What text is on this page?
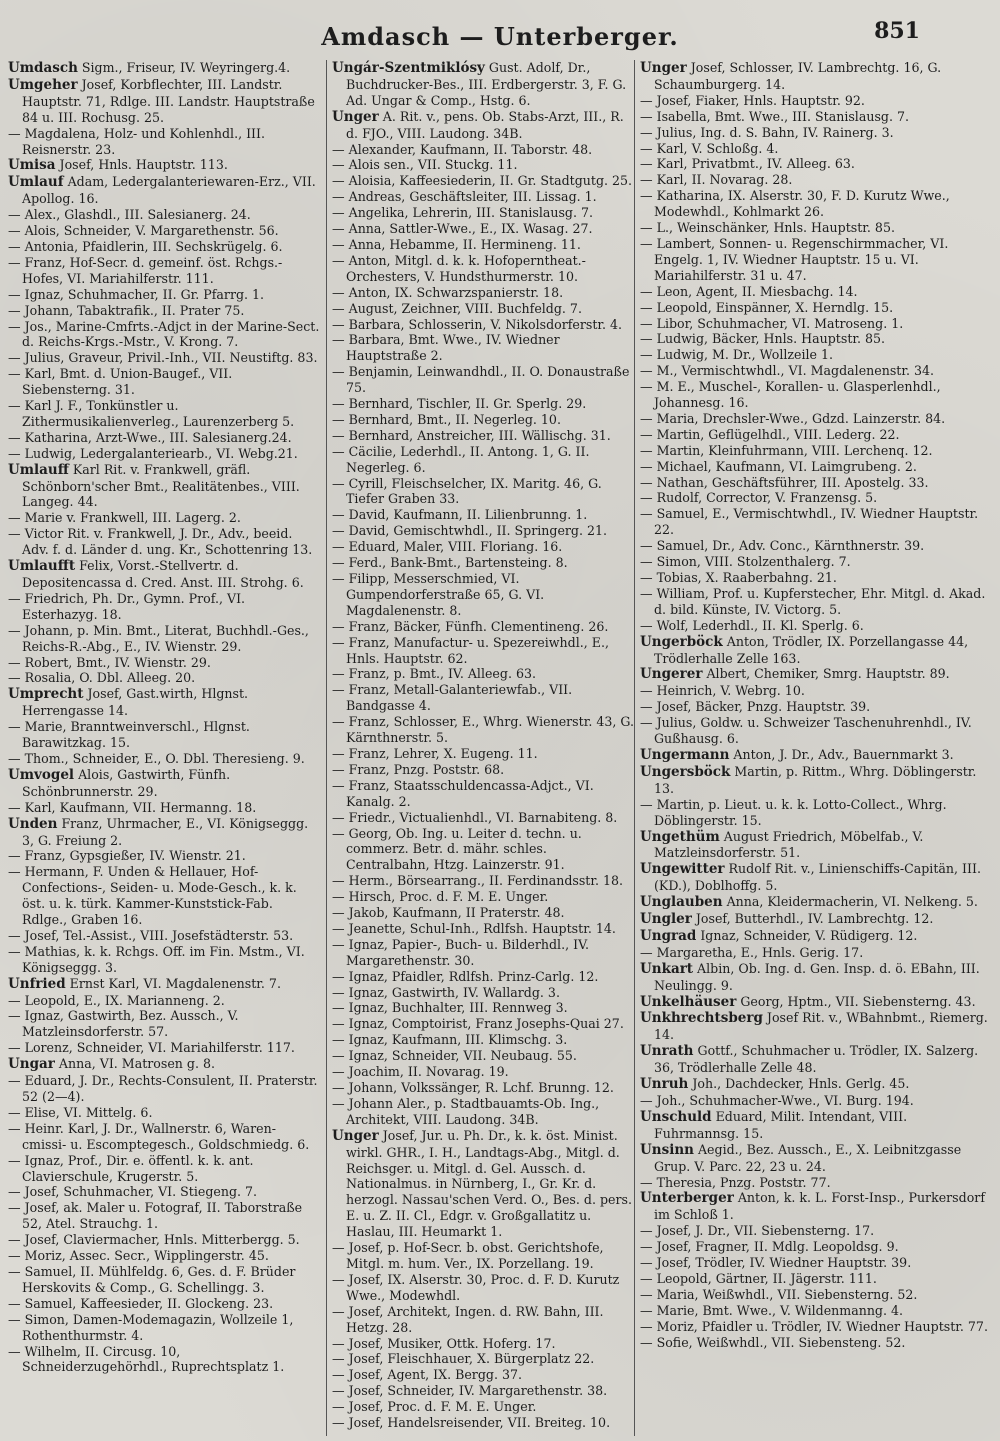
Amdasch — Unterberger.	851

Umdasch Sigm., Friseur, IV. Weyringerg.4.

Umgeher Josef, Korbflechter, III. Landstr. Hauptstr. 71, Rdlge. III. Landstr. Hauptstraße 84 u. III. Rochusg. 25.

— Magdalena, Holz- und Kohlenhdl., III. Reisnerstr. 23.

Umisa Josef, Hnls. Hauptstr. 113.

Umlauf Adam, Ledergalanteriewaren-Erz., VII. Apollog. 16.

— Alex., Glashdl., III. Salesianerg. 24.

— Alois, Schneider, V. Margarethenstr. 56.

— Antonia, Pfaidlerin, III. Sechskrügelg. 6.

— Franz, Hof-Secr. d. gemeinf. öst. Rchgs.-Hofes, VI. Mariahilferstr. 111.

— Ignaz, Schuhmacher, II. Gr. Pfarrg. 1.

— Johann, Tabaktrafik., II. Prater 75.

— Jos., Marine-Cmfrts.-Adjct in der Marine-Sect. d. Reichs-Krgs.-Mstr., V. Krong. 7.

— Julius, Graveur, Privil.-Inh., VII. Neustiftg. 83.

— Karl, Bmt. d. Union-Baugef., VII. Siebensterng. 31.

— Karl J. F., Tonkünstler u. Zithermusikalienverleg., Laurenzerberg 5.

— Katharina, Arzt-Wwe., III. Salesianerg.24.

— Ludwig, Ledergalanteriearb., VI. Webg.21.

Umlauff Karl Rit. v. Frankwell, gräfl. Schönborn'scher Bmt., Realitätenbes., VIII. Langeg. 44.

— Marie v. Frankwell, III. Lagerg. 2.

— Victor Rit. v. Frankwell, J. Dr., Adv., beeid. Adv. f. d. Länder d. ung. Kr., Schottenring 13.

Umlaufft Felix, Vorst.-Stellvertr. d. Depositencassa d. Cred. Anst. III. Strohg. 6.

— Friedrich, Ph. Dr., Gymn. Prof., VI. Esterhazyg. 18.

— Johann, p. Min. Bmt., Literat, Buchhdl.-Ges., Reichs-R.-Abg., E., IV. Wienstr. 29.

— Robert, Bmt., IV. Wienstr. 29.

— Rosalia, O. Dbl. Alleeg. 20.

Umprecht Josef, Gast.wirth, Hlgnst. Herrengasse 14.

— Marie, Branntweinverschl., Hlgnst. Barawitzkag. 15.

— Thom., Schneider, E., O. Dbl. Theresieng. 9.

Umvogel Alois, Gastwirth, Fünfh. Schönbrunnerstr. 29.

— Karl, Kaufmann, VII. Hermanng. 18.

Unden Franz, Uhrmacher, E., VI. Königseggg. 3, G. Freiung 2.

— Franz, Gypsgießer, IV. Wienstr. 21.

— Hermann, F. Unden & Hellauer, Hof-Confections-, Seiden- u. Mode-Gesch., k. k. öst. u. k. türk. Kammer-Kunststick-Fab. Rdlge., Graben 16.

— Josef, Tel.-Assist., VIII. Josefstädterstr. 53.

— Mathias, k. k. Rchgs. Off. im Fin. Mstm., VI. Königseggg. 3.

Unfried Ernst Karl, VI. Magdalenenstr. 7.

— Leopold, E., IX. Marianneng. 2.

— Ignaz, Gastwirth, Bez. Aussch., V. Matzleinsdorferstr. 57.

— Lorenz, Schneider, VI. Mariahilferstr. 117.

Ungar Anna, VI. Matrosen g. 8.

— Eduard, J. Dr., Rechts-Consulent, II. Praterstr. 52 (2—4).

— Elise, VI. Mittelg. 6.

— Heinr. Karl, J. Dr., Wallnerstr. 6, Waren-cmissi- u. Escomptegesch., Goldschmiedg. 6.

— Ignaz, Prof., Dir. e. öffentl. k. k. ant. Clavierschule, Krugerstr. 5.

— Josef, Schuhmacher, VI. Stiegeng. 7.

— Josef, ak. Maler u. Fotograf, II. Taborstraße 52, Atel. Strauchg. 1.

— Josef, Claviermacher, Hnls. Mitterbergg. 5.

— Moriz, Assec. Secr., Wipplingerstr. 45.

— Samuel, II. Mühlfeldg. 6, Ges. d. F. Brüder Herskovits & Comp., G. Schellingg. 3.

— Samuel, Kaffeesieder, II. Glockeng. 23.

— Simon, Damen-Modemagazin, Wollzeile 1, Rothenthurmstr. 4.

— Wilhelm, II. Circusg. 10, Schneiderzugehörhdl., Ruprechtsplatz 1.

Ungár-Szentmiklósy Gust. Adolf, Dr., Buchdrucker-Bes., III. Erdbergerstr. 3, F. G. Ad. Ungar & Comp., Hstg. 6.

Unger A. Rit. v., pens. Ob. Stabs-Arzt, III., R. d. FJO., VIII. Laudong. 34B.

— Alexander, Kaufmann, II. Taborstr. 48.

— Alois sen., VII. Stuckg. 11.

— Aloisia, Kaffeesiederin, II. Gr. Stadtgutg. 25.

— Andreas, Geschäftsleiter, III. Lissag. 1.

— Angelika, Lehrerin, III. Stanislausg. 7.

— Anna, Sattler-Wwe., E., IX. Wasag. 27.

— Anna, Hebamme, II. Hermineng. 11.

— Anton, Mitgl. d. k. k. Hofoperntheat.-Orchesters, V. Hundsthurmerstr. 10.

— Anton, IX. Schwarzspanierstr. 18.

— August, Zeichner, VIII. Buchfeldg. 7.

— Barbara, Schlosserin, V. Nikolsdorferstr. 4.

— Barbara, Bmt. Wwe., IV. Wiedner Hauptstraße 2.

— Benjamin, Leinwandhdl., II. O. Donaustraße 75.

— Bernhard, Tischler, II. Gr. Sperlg. 29.

— Bernhard, Bmt., II. Negerleg. 10.

— Bernhard, Anstreicher, III. Wällischg. 31.

— Cäcilie, Lederhdl., II. Antong. 1, G. II. Negerleg. 6.

— Cyrill, Fleischselcher, IX. Maritg. 46, G. Tiefer Graben 33.

— David, Kaufmann, II. Lilienbrunng. 1.

— David, Gemischtwhdl., II. Springerg. 21.

— Eduard, Maler, VIII. Floriang. 16.

— Ferd., Bank-Bmt., Bartensteing. 8.

— Filipp, Messerschmied, VI. Gumpendorferstraße 65, G. VI. Magdalenenstr. 8.

— Franz, Bäcker, Fünfh. Clementineng. 26.

— Franz, Manufactur- u. Spezereiwhdl., E., Hnls. Hauptstr. 62.

— Franz, p. Bmt., IV. Alleeg. 63.

— Franz, Metall-Galanteriewfab., VII. Bandgasse 4.

— Franz, Schlosser, E., Whrg. Wienerstr. 43, G. Kärnthnerstr. 5.

— Franz, Lehrer, X. Eugeng. 11.

— Franz, Pnzg. Poststr. 68.

— Franz, Staatsschuldencassa-Adjct., VI. Kanalg. 2.

— Friedr., Victualienhdl., VI. Barnabiteng. 8.

— Georg, Ob. Ing. u. Leiter d. techn. u. commerz. Betr. d. mähr. schles. Centralbahn, Htzg. Lainzerstr. 91.

— Herm., Börsearrang., II. Ferdinandsstr. 18.

— Hirsch, Proc. d. F. M. E. Unger.

— Jakob, Kaufmann, II Praterstr. 48.

— Jeanette, Schul-Inh., Rdlfsh. Hauptstr. 14.

— Ignaz, Papier-, Buch- u. Bilderhdl., IV. Margarethenstr. 30.

— Ignaz, Pfaidler, Rdlfsh. Prinz-Carlg. 12.

— Ignaz, Gastwirth, IV. Wallardg. 3.

— Ignaz, Buchhalter, III. Rennweg 3.

— Ignaz, Comptoirist, Franz Josephs-Quai 27.

— Ignaz, Kaufmann, III. Klimschg. 3.

— Ignaz, Schneider, VII. Neubaug. 55.

— Joachim, II. Novarag. 19.

— Johann, Volkssänger, R. Lchf. Brunng. 12.

— Johann Aler., p. Stadtbauamts-Ob. Ing., Architekt, VIII. Laudong. 34B.

Unger Josef, Jur. u. Ph. Dr., k. k. öst. Minist. wirkl. GHR., I. H., Landtags-Abg., Mitgl. d. Reichsger. u. Mitgl. d. Gel. Aussch. d. Nationalmus. in Nürnberg, I., Gr. Kr. d. herzogl. Nassau'schen Verd. O., Bes. d. pers. E. u. Z. II. Cl., Edgr. v. Großgallatitz u. Haslau, III. Heumarkt 1.

— Josef, p. Hof-Secr. b. obst. Gerichtshofe, Mitgl. m. hum. Ver., IX. Porzellang. 19.

— Josef, IX. Alserstr. 30, Proc. d. F. D. Kurutz Wwe., Modewhdl.

— Josef, Architekt, Ingen. d. RW. Bahn, III. Hetzg. 28.

— Josef, Musiker, Ottk. Hoferg. 17.

— Josef, Fleischhauer, X. Bürgerplatz 22.

— Josef, Agent, IX. Bergg. 37.

— Josef, Schneider, IV. Margarethenstr. 38.

— Josef, Proc. d. F. M. E. Unger.

— Josef, Handelsreisender, VII. Breiteg. 10.

Unger Josef, Schlosser, IV. Lambrechtg. 16, G. Schaumburgerg. 14.

— Josef, Fiaker, Hnls. Hauptstr. 92.

— Isabella, Bmt. Wwe., III. Stanislausg. 7.

— Julius, Ing. d. S. Bahn, IV. Rainerg. 3.

— Karl, V. Schloßg. 4.

— Karl, Privatbmt., IV. Alleeg. 63.

— Karl, II. Novarag. 28.

— Katharina, IX. Alserstr. 30, F. D. Kurutz Wwe., Modewhdl., Kohlmarkt 26.

— L., Weinschänker, Hnls. Hauptstr. 85.

— Lambert, Sonnen- u. Regenschirmmacher, VI. Engelg. 1, IV. Wiedner Hauptstr. 15 u. VI. Mariahilferstr. 31 u. 47.

— Leon, Agent, II. Miesbachg. 14.

— Leopold, Einspänner, X. Herndlg. 15.

— Libor, Schuhmacher, VI. Matroseng. 1.

— Ludwig, Bäcker, Hnls. Hauptstr. 85.

— Ludwig, M. Dr., Wollzeile 1.

— M., Vermischtwhdl., VI. Magdalenenstr. 34.

— M. E., Muschel-, Korallen- u. Glasperlenhdl., Johannesg. 16.

— Maria, Drechsler-Wwe., Gdzd. Lainzerstr. 84.

— Martin, Geflügelhdl., VIII. Lederg. 22.

— Martin, Kleinfuhrmann, VIII. Lerchenq. 12.

— Michael, Kaufmann, VI. Laimgrubeng. 2.

— Nathan, Geschäftsführer, III. Apostelg. 33.

— Rudolf, Corrector, V. Franzensg. 5.

— Samuel, E., Vermischtwhdl., IV. Wiedner Hauptstr. 22.

— Samuel, Dr., Adv. Conc., Kärnthnerstr. 39.

— Simon, VIII. Stolzenthalerg. 7.

— Tobias, X. Raaberbahng. 21.

— William, Prof. u. Kupferstecher, Ehr. Mitgl. d. Akad. d. bild. Künste, IV. Victorg. 5.

— Wolf, Lederhdl., II. Kl. Sperlg. 6.

Ungerböck Anton, Trödler, IX. Porzellangasse 44, Trödlerhalle Zelle 163.

Ungerer Albert, Chemiker, Smrg. Hauptstr. 89.

— Heinrich, V. Webrg. 10.

— Josef, Bäcker, Pnzg. Hauptstr. 39.

— Julius, Goldw. u. Schweizer Taschenuhrenhdl., IV. Gußhausg. 6.

Ungermann Anton, J. Dr., Adv., Bauernmarkt 3.

Ungersböck Martin, p. Rittm., Whrg. Döblingerstr. 13.

— Martin, p. Lieut. u. k. k. Lotto-Collect., Whrg. Döblingerstr. 15.

Ungethüm August Friedrich, Möbelfab., V. Matzleinsdorferstr. 51.

Ungewitter Rudolf Rit. v., Linienschiffs-Capitän, III. (KD.), Doblhoffg. 5.

Unglauben Anna, Kleidermacherin, VI. Nelkeng. 5.

Ungler Josef, Butterhdl., IV. Lambrechtg. 12.

Ungrad Ignaz, Schneider, V. Rüdigerg. 12.

— Margaretha, E., Hnls. Gerig. 17.

Unkart Albin, Ob. Ing. d. Gen. Insp. d. ö. EBahn, III. Neulingg. 9.

Unkelhäuser Georg, Hptm., VII. Siebensterng. 43.

Unkhrechtsberg Josef Rit. v., WBahnbmt., Riemerg. 14.

Unrath Gottf., Schuhmacher u. Trödler, IX. Salzerg. 36, Trödlerhalle Zelle 48.

Unruh Joh., Dachdecker, Hnls. Gerlg. 45.

— Joh., Schuhmacher-Wwe., VI. Burg. 194.

Unschuld Eduard, Milit. Intendant, VIII. Fuhrmannsg. 15.

Unsinn Aegid., Bez. Aussch., E., X. Leibnitzgasse Grup. V. Parc. 22, 23 u. 24.

— Theresia, Pnzg. Poststr. 77.

Unterberger Anton, k. k. L. Forst-Insp., Purkersdorf im Schloß 1.

— Josef, J. Dr., VII. Siebensterng. 17.

— Josef, Fragner, II. Mdlg. Leopoldsg. 9.

— Josef, Trödler, IV. Wiedner Hauptstr. 39.

— Leopold, Gärtner, II. Jägerstr. 111.

— Maria, Weißwhdl., VII. Siebensterng. 52.

— Marie, Bmt. Wwe., V. Wildenmanng. 4.

— Moriz, Pfaidler u. Trödler, IV. Wiedner Hauptstr. 77.

— Sofie, Weißwhdl., VII. Siebensteng. 52.
